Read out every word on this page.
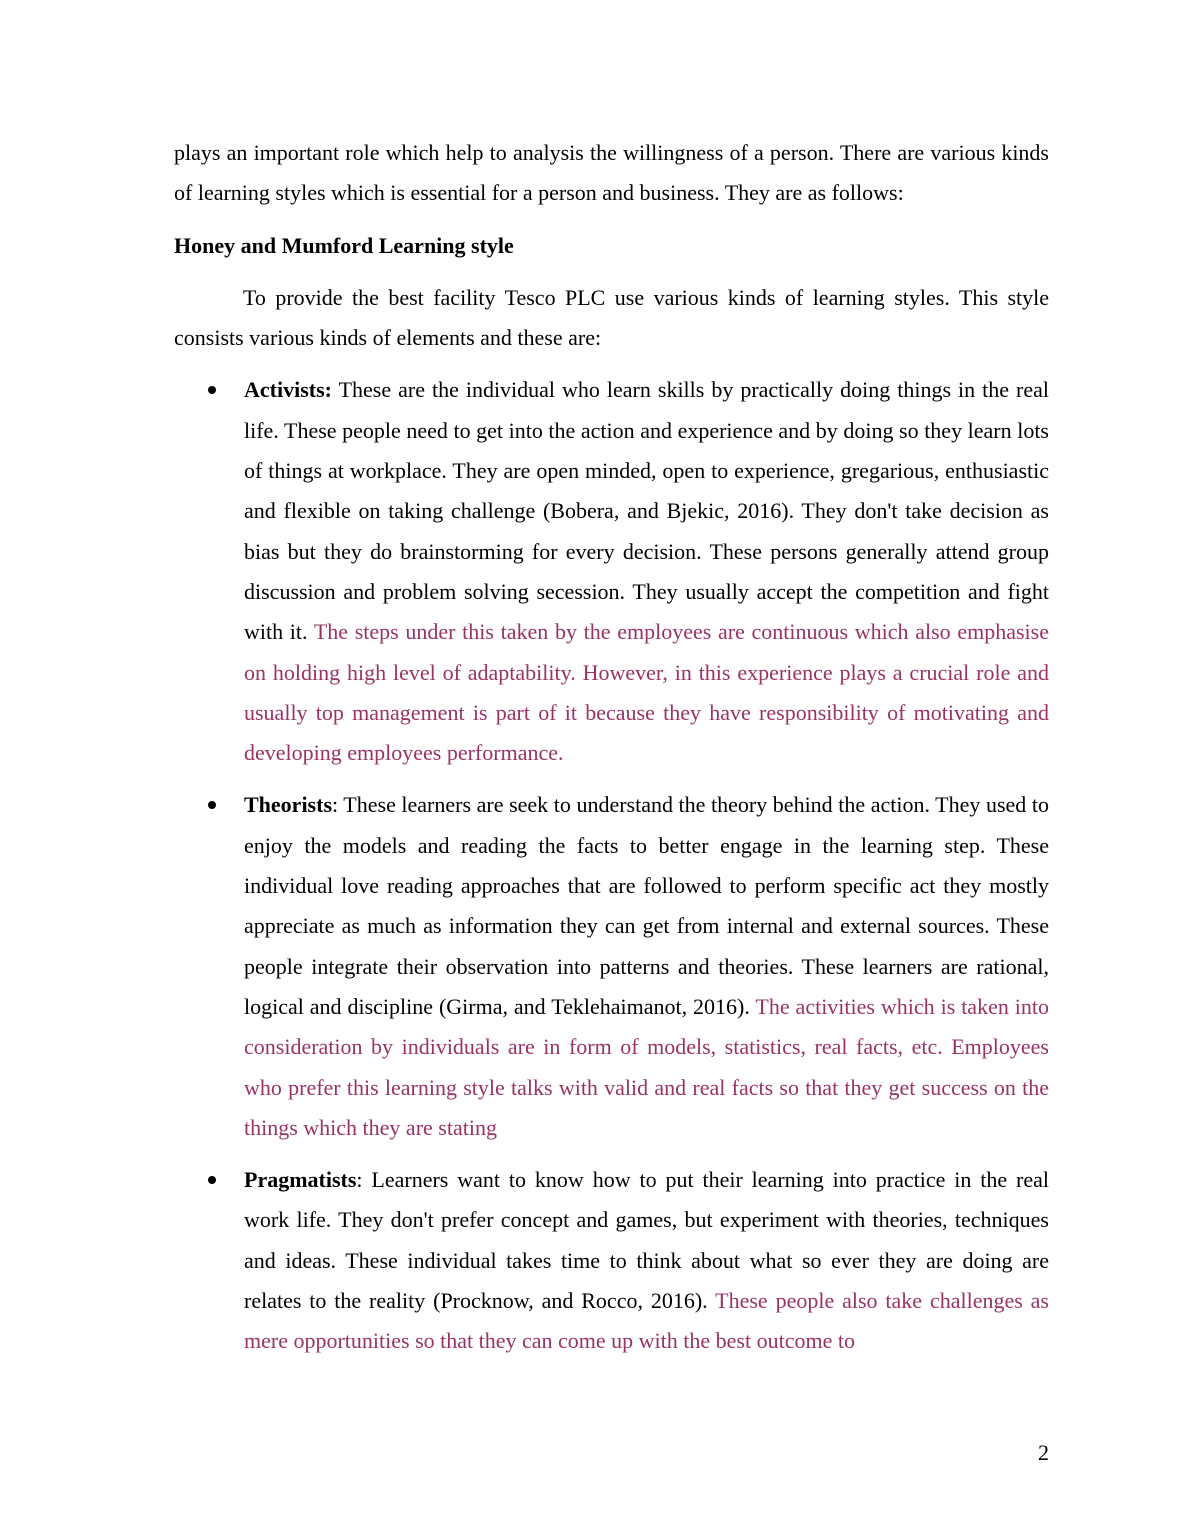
plays an important role which help to analysis the willingness of a person. There are various kinds of learning styles which is essential for a person and business. They are as follows:

Honey and Mumford Learning style

To provide the best facility Tesco PLC use various kinds of learning styles. This style consists various kinds of elements and these are:

Activists: These are the individual who learn skills by practically doing things in the real life. These people need to get into the action and experience and by doing so they learn lots of things at workplace. They are open minded, open to experience, gregarious, enthusiastic and flexible on taking challenge (Bobera, and Bjekic, 2016). They don't take decision as bias but they do brainstorming for every decision. These persons generally attend group discussion and problem solving secession. They usually accept the competition and fight with it. The steps under this taken by the employees are continuous which also emphasise on holding high level of adaptability. However, in this experience plays a crucial role and usually top management is part of it because they have responsibility of motivating and developing employees performance.
Theorists: These learners are seek to understand the theory behind the action. They used to enjoy the models and reading the facts to better engage in the learning step. These individual love reading approaches that are followed to perform specific act they mostly appreciate as much as information they can get from internal and external sources. These people integrate their observation into patterns and theories. These learners are rational, logical and discipline (Girma, and Teklehaimanot, 2016). The activities which is taken into consideration by individuals are in form of models, statistics, real facts, etc. Employees who prefer this learning style talks with valid and real facts so that they get success on the things which they are stating
Pragmatists: Learners want to know how to put their learning into practice in the real work life. They don't prefer concept and games, but experiment with theories, techniques and ideas. These individual takes time to think about what so ever they are doing are relates to the reality (Procknow, and Rocco, 2016). These people also take challenges as mere opportunities so that they can come up with the best outcome to
2
